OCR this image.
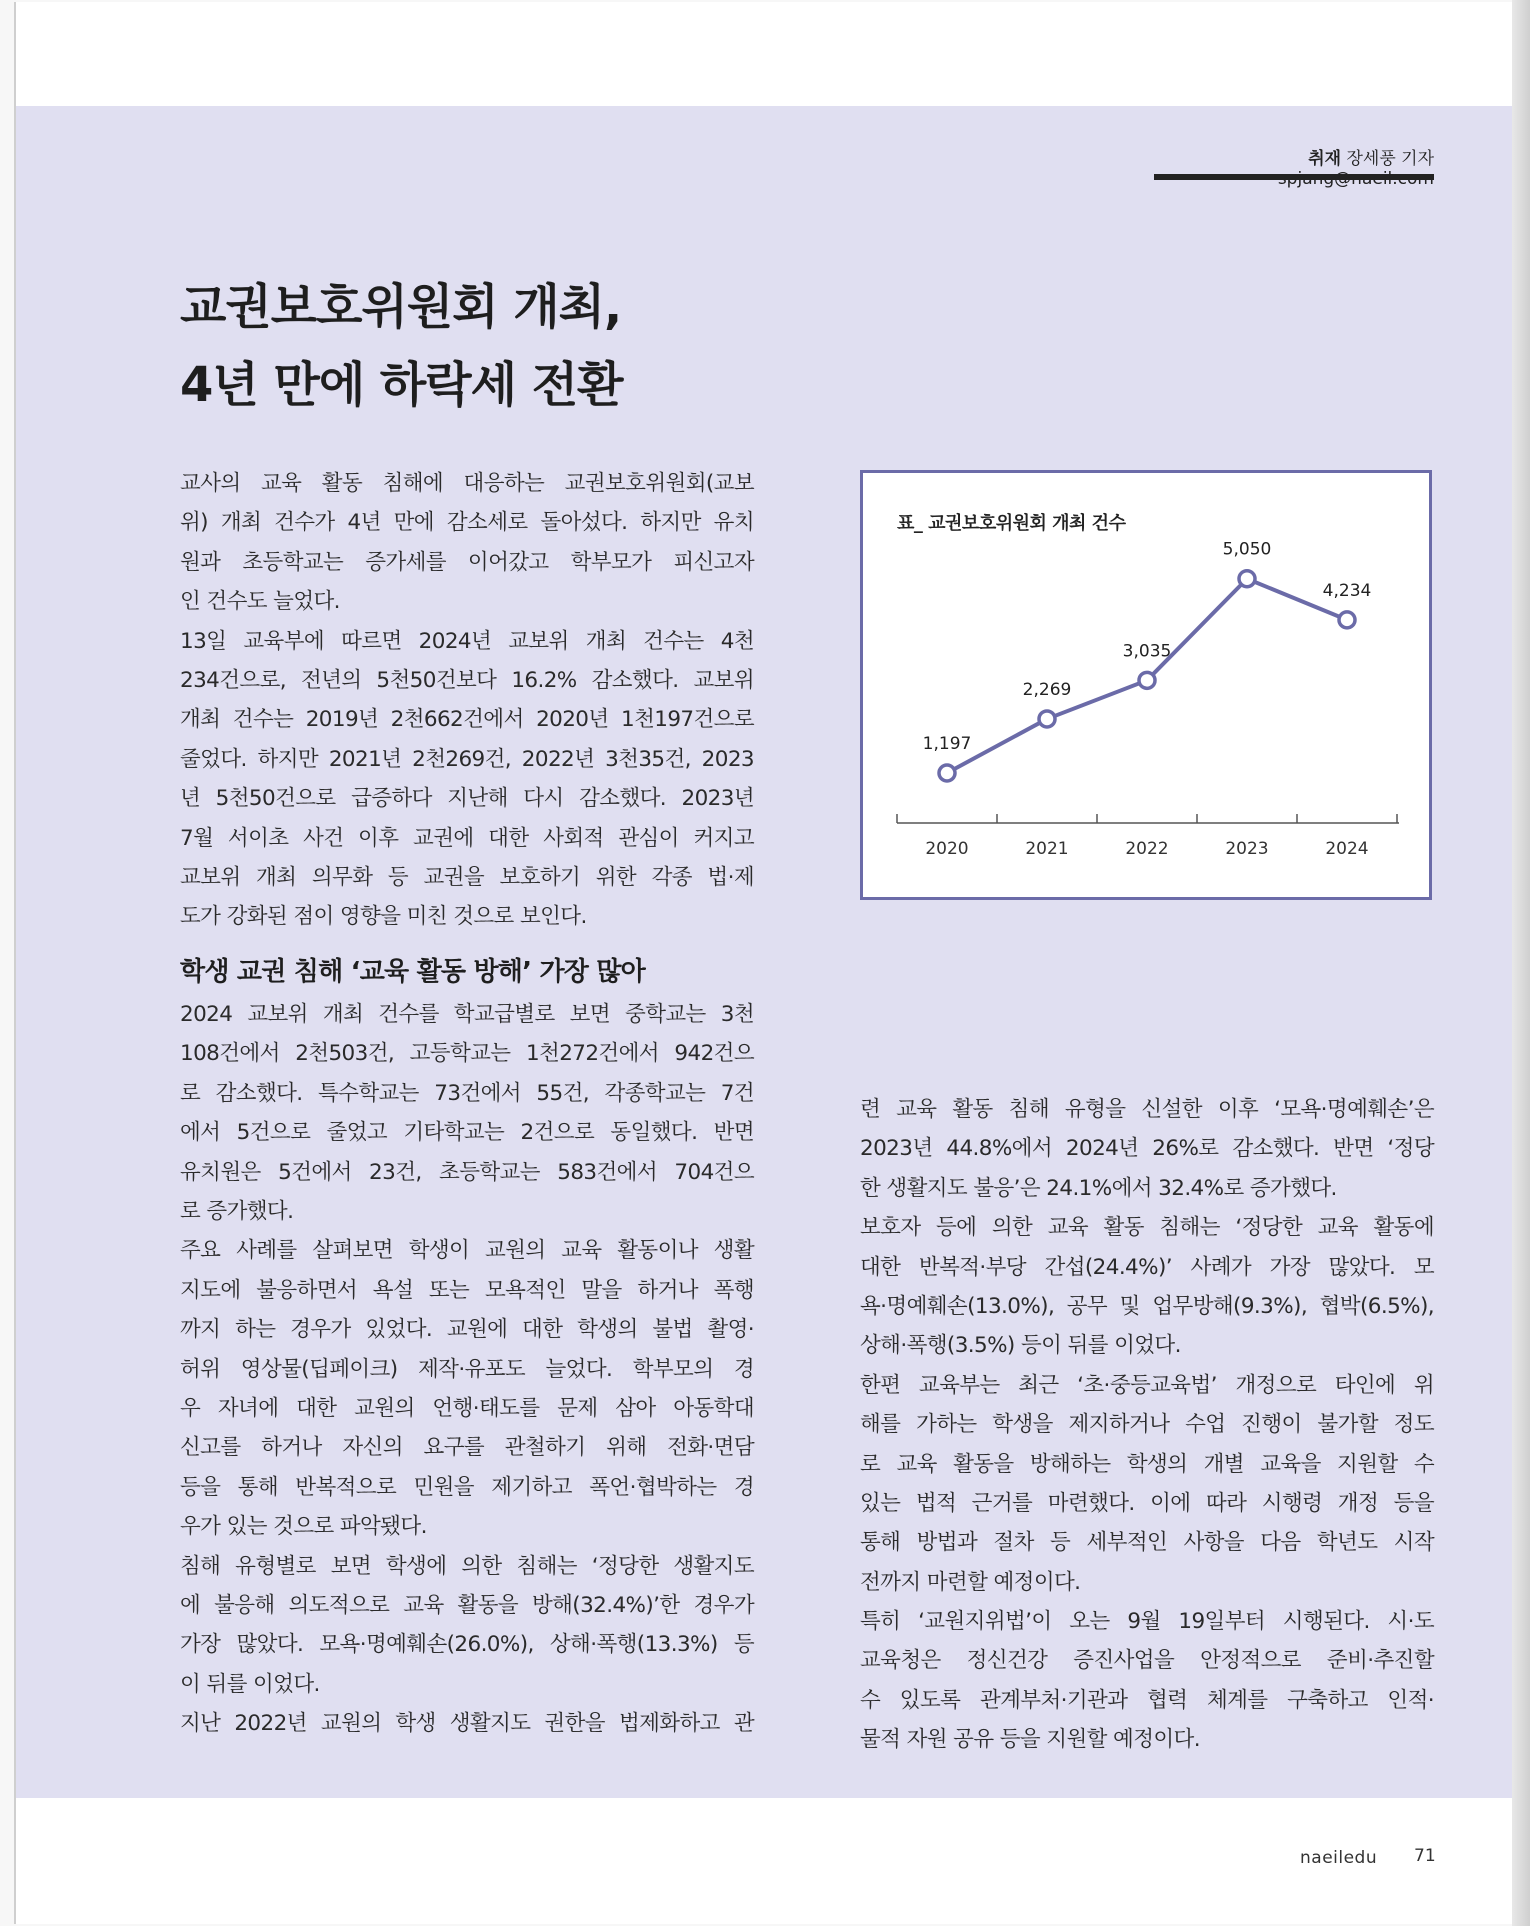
취재 장세풍 기자
교권보호위원회 개최,
4년 만에 하락세 전환
교사의 교육 활동 침해에 대응하는 교권보호위원회(교보
위) 개최 건수가 4년 만에 감소세로 돌아섰다. 하지만 유치
원과 초등학교는 증가세를 이어갔고 학부모가 피신고자
인 건수도 늘었다.
13일 교육부에 따르면 2024년 교보위 개최 건수는 4천
234건으로, 전년의 5천50건보다 16.2% 감소했다. 교보위
개최 건수는 2019년 2천662건에서 2020년 1천197건으로
줄었다. 하지만 2021년 2천269건, 2022년 3천35건, 2023
년 5천50건으로 급증하다 지난해 다시 감소했다. 2023년
7월 서이초 사건 이후 교권에 대한 사회적 관심이 커지고
교보위 개최 의무화 등 교권을 보호하기 위한 각종 법·제
도가 강화된 점이 영향을 미친 것으로 보인다.
학생 교권 침해 ‘교육 활동 방해’ 가장 많아
2024 교보위 개최 건수를 학교급별로 보면 중학교는 3천
108건에서 2천503건, 고등학교는 1천272건에서 942건으
로 감소했다. 특수학교는 73건에서 55건, 각종학교는 7건
에서 5건으로 줄었고 기타학교는 2건으로 동일했다. 반면
유치원은 5건에서 23건, 초등학교는 583건에서 704건으
로 증가했다.
주요 사례를 살펴보면 학생이 교원의 교육 활동이나 생활
지도에 불응하면서 욕설 또는 모욕적인 말을 하거나 폭행
까지 하는 경우가 있었다. 교원에 대한 학생의 불법 촬영·
허위 영상물(딥페이크) 제작·유포도 늘었다. 학부모의 경
우 자녀에 대한 교원의 언행·태도를 문제 삼아 아동학대
신고를 하거나 자신의 요구를 관철하기 위해 전화·면담
등을 통해 반복적으로 민원을 제기하고 폭언·협박하는 경
우가 있는 것으로 파악됐다.
침해 유형별로 보면 학생에 의한 침해는 ‘정당한 생활지도
에 불응해 의도적으로 교육 활동을 방해(32.4%)’한 경우가
가장 많았다. 모욕·명예훼손(26.0%), 상해·폭행(13.3%) 등
이 뒤를 이었다.
지난 2022년 교원의 학생 생활지도 권한을 법제화하고 관
련 교육 활동 침해 유형을 신설한 이후 ‘모욕·명예훼손’은
2023년 44.8%에서 2024년 26%로 감소했다. 반면 ‘정당
한 생활지도 불응’은 24.1%에서 32.4%로 증가했다.
보호자 등에 의한 교육 활동 침해는 ‘정당한 교육 활동에
대한 반복적·부당 간섭(24.4%)’ 사례가 가장 많았다. 모
욕·명예훼손(13.0%), 공무 및 업무방해(9.3%), 협박(6.5%),
상해·폭행(3.5%) 등이 뒤를 이었다.
한편 교육부는 최근 ‘초·중등교육법’ 개정으로 타인에 위
해를 가하는 학생을 제지하거나 수업 진행이 불가할 정도
로 교육 활동을 방해하는 학생의 개별 교육을 지원할 수
있는 법적 근거를 마련했다. 이에 따라 시행령 개정 등을
통해 방법과 절차 등 세부적인 사항을 다음 학년도 시작
전까지 마련할 예정이다.
특히 ‘교원지위법’이 오는 9월 19일부터 시행된다. 시·도
교육청은 정신건강 증진사업을 안정적으로 준비·추진할
수 있도록 관계부처·기관과 협력 체계를 구축하고 인적·
물적 자원 공유 등을 지원할 예정이다.
표_ 교권보호위원회 개최 건수
1,197
2020
2,269
2021
3,035
2022
5,050
2023
4,234
2024
naeiledu 71
